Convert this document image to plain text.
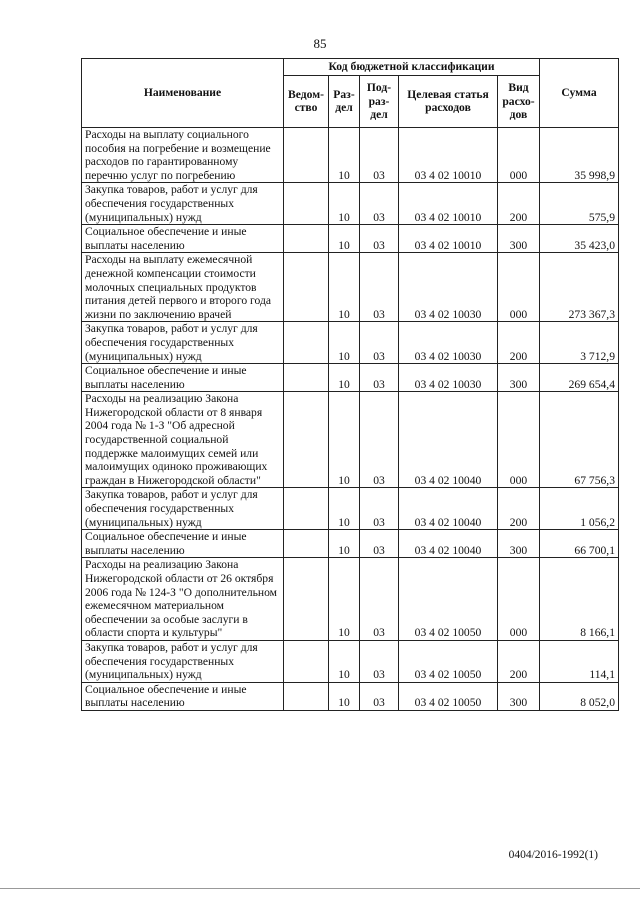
85
Наименование	Код бюджетной классификации					Сумма
	Ведом-ство	Раз-дел	Под-раз-дел	Целевая статья расходов	Вид расхо-дов	
Расходы на выплату социального пособия на погребение и возмещение расходов по гарантированному перечню услуг по погребению		10	03	03 4 02 10010	000	35 998,9
Закупка товаров, работ и услуг для обеспечения государственных (муниципальных) нужд		10	03	03 4 02 10010	200	575,9
Социальное обеспечение и иные выплаты населению		10	03	03 4 02 10010	300	35 423,0
Расходы на выплату ежемесячной денежной компенсации стоимости молочных специальных продуктов питания детей первого и второго года жизни по заключению врачей		10	03	03 4 02 10030	000	273 367,3
Закупка товаров, работ и услуг для обеспечения государственных (муниципальных) нужд		10	03	03 4 02 10030	200	3 712,9
Социальное обеспечение и иные выплаты населению		10	03	03 4 02 10030	300	269 654,4
Расходы на реализацию Закона Нижегородской области от 8 января 2004 года № 1-З "Об адресной государственной социальной поддержке малоимущих семей или малоимущих одиноко проживающих граждан в Нижегородской области"		10	03	03 4 02 10040	000	67 756,3
Закупка товаров, работ и услуг для обеспечения государственных (муниципальных) нужд		10	03	03 4 02 10040	200	1 056,2
Социальное обеспечение и иные выплаты населению		10	03	03 4 02 10040	300	66 700,1
Расходы на реализацию Закона Нижегородской области от 26 октября 2006 года № 124-З "О дополнительном ежемесячном материальном обеспечении за особые заслуги в области спорта и культуры"		10	03	03 4 02 10050	000	8 166,1
Закупка товаров, работ и услуг для обеспечения государственных (муниципальных) нужд		10	03	03 4 02 10050	200	114,1
Социальное обеспечение и иные выплаты населению		10	03	03 4 02 10050	300	8 052,0
0404/2016-1992(1)
